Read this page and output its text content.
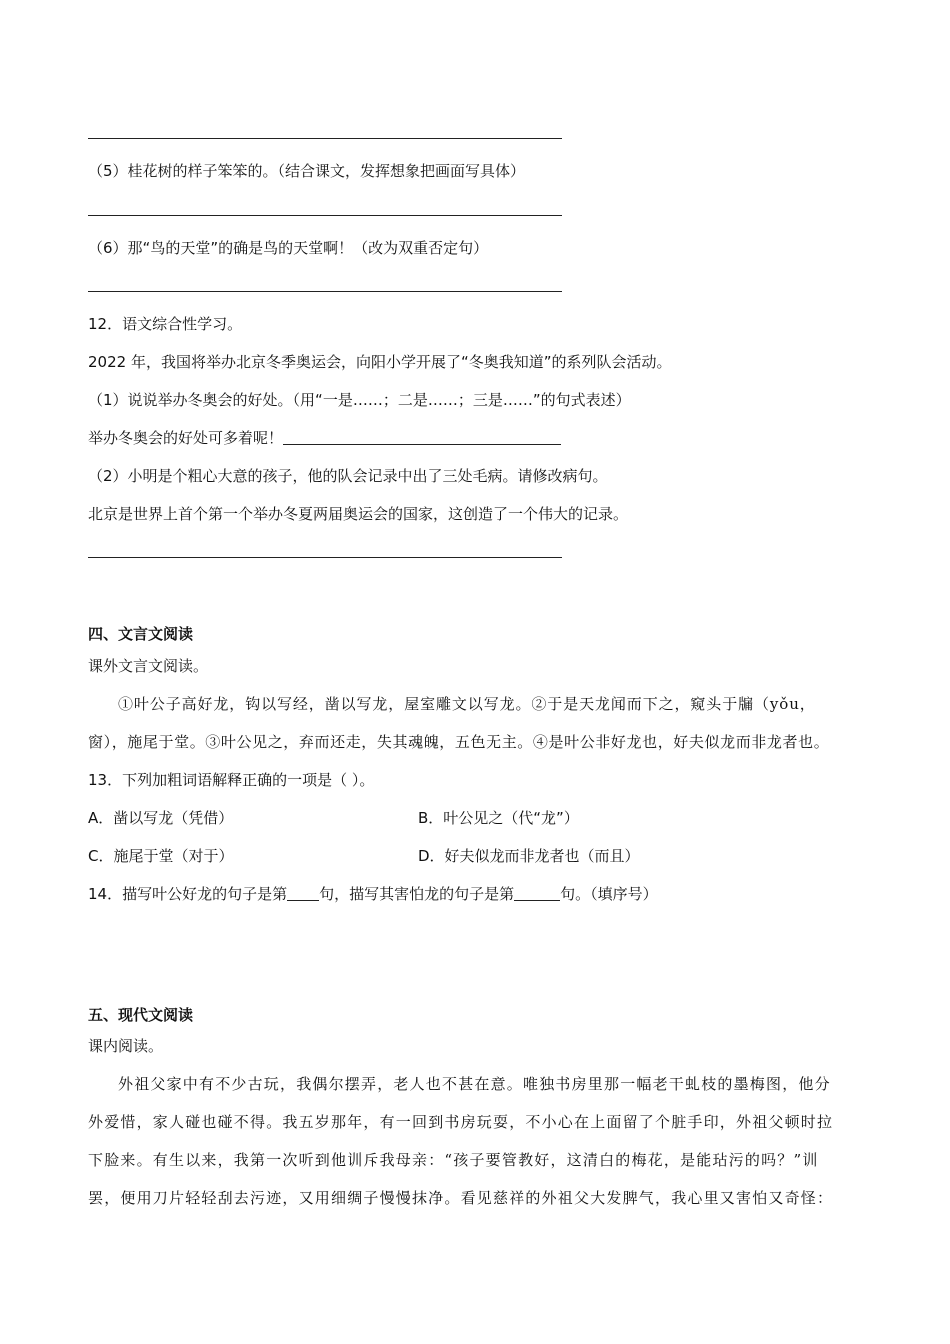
（5）桂花树的样子笨笨的。（结合课文，发挥想象把画面写具体）
（6）那“鸟的天堂”的确是鸟的天堂啊！（改为双重否定句）
12．语文综合性学习。
2022 年，我国将举办北京冬季奥运会，向阳小学开展了“冬奥我知道”的系列队会活动。
（1）说说举办冬奥会的好处。（用“一是……；二是……；三是……”的句式表述）
举办冬奥会的好处可多着呢！
（2）小明是个粗心大意的孩子，他的队会记录中出了三处毛病。请修改病句。
北京是世界上首个第一个举办冬夏两届奥运会的国家，这创造了一个伟大的记录。
四、文言文阅读
课外文言文阅读。
①叶公子高好龙，钩以写经，凿以写龙，屋室雕文以写龙。②于是天龙闻而下之，窥头于牖（yǒu，
窗），施尾于堂。③叶公见之，弃而还走，失其魂魄，五色无主。④是叶公非好龙也，好夫似龙而非龙者也。
13．下列加粗词语解释正确的一项是（ ）。
A．凿以写龙（凭借）	B．叶公见之（代“龙”）
C．施尾于堂（对于）	D．好夫似龙而非龙者也（而且）
14．描写叶公好龙的句子是第 句，描写其害怕龙的句子是第	句。（填序号）
五、现代文阅读
课内阅读。
外祖父家中有不少古玩，我偶尔摆弄，老人也不甚在意。唯独书房里那一幅老干虬枝的墨梅图，他分
外爱惜，家人碰也碰不得。我五岁那年，有一回到书房玩耍，不小心在上面留了个脏手印，外祖父顿时拉
下脸来。有生以来，我第一次听到他训斥我母亲：“孩子要管教好，这清白的梅花，是能玷污的吗？”训
罢，便用刀片轻轻刮去污迹，又用细绸子慢慢抹净。看见慈祥的外祖父大发脾气，我心里又害怕又奇怪：
